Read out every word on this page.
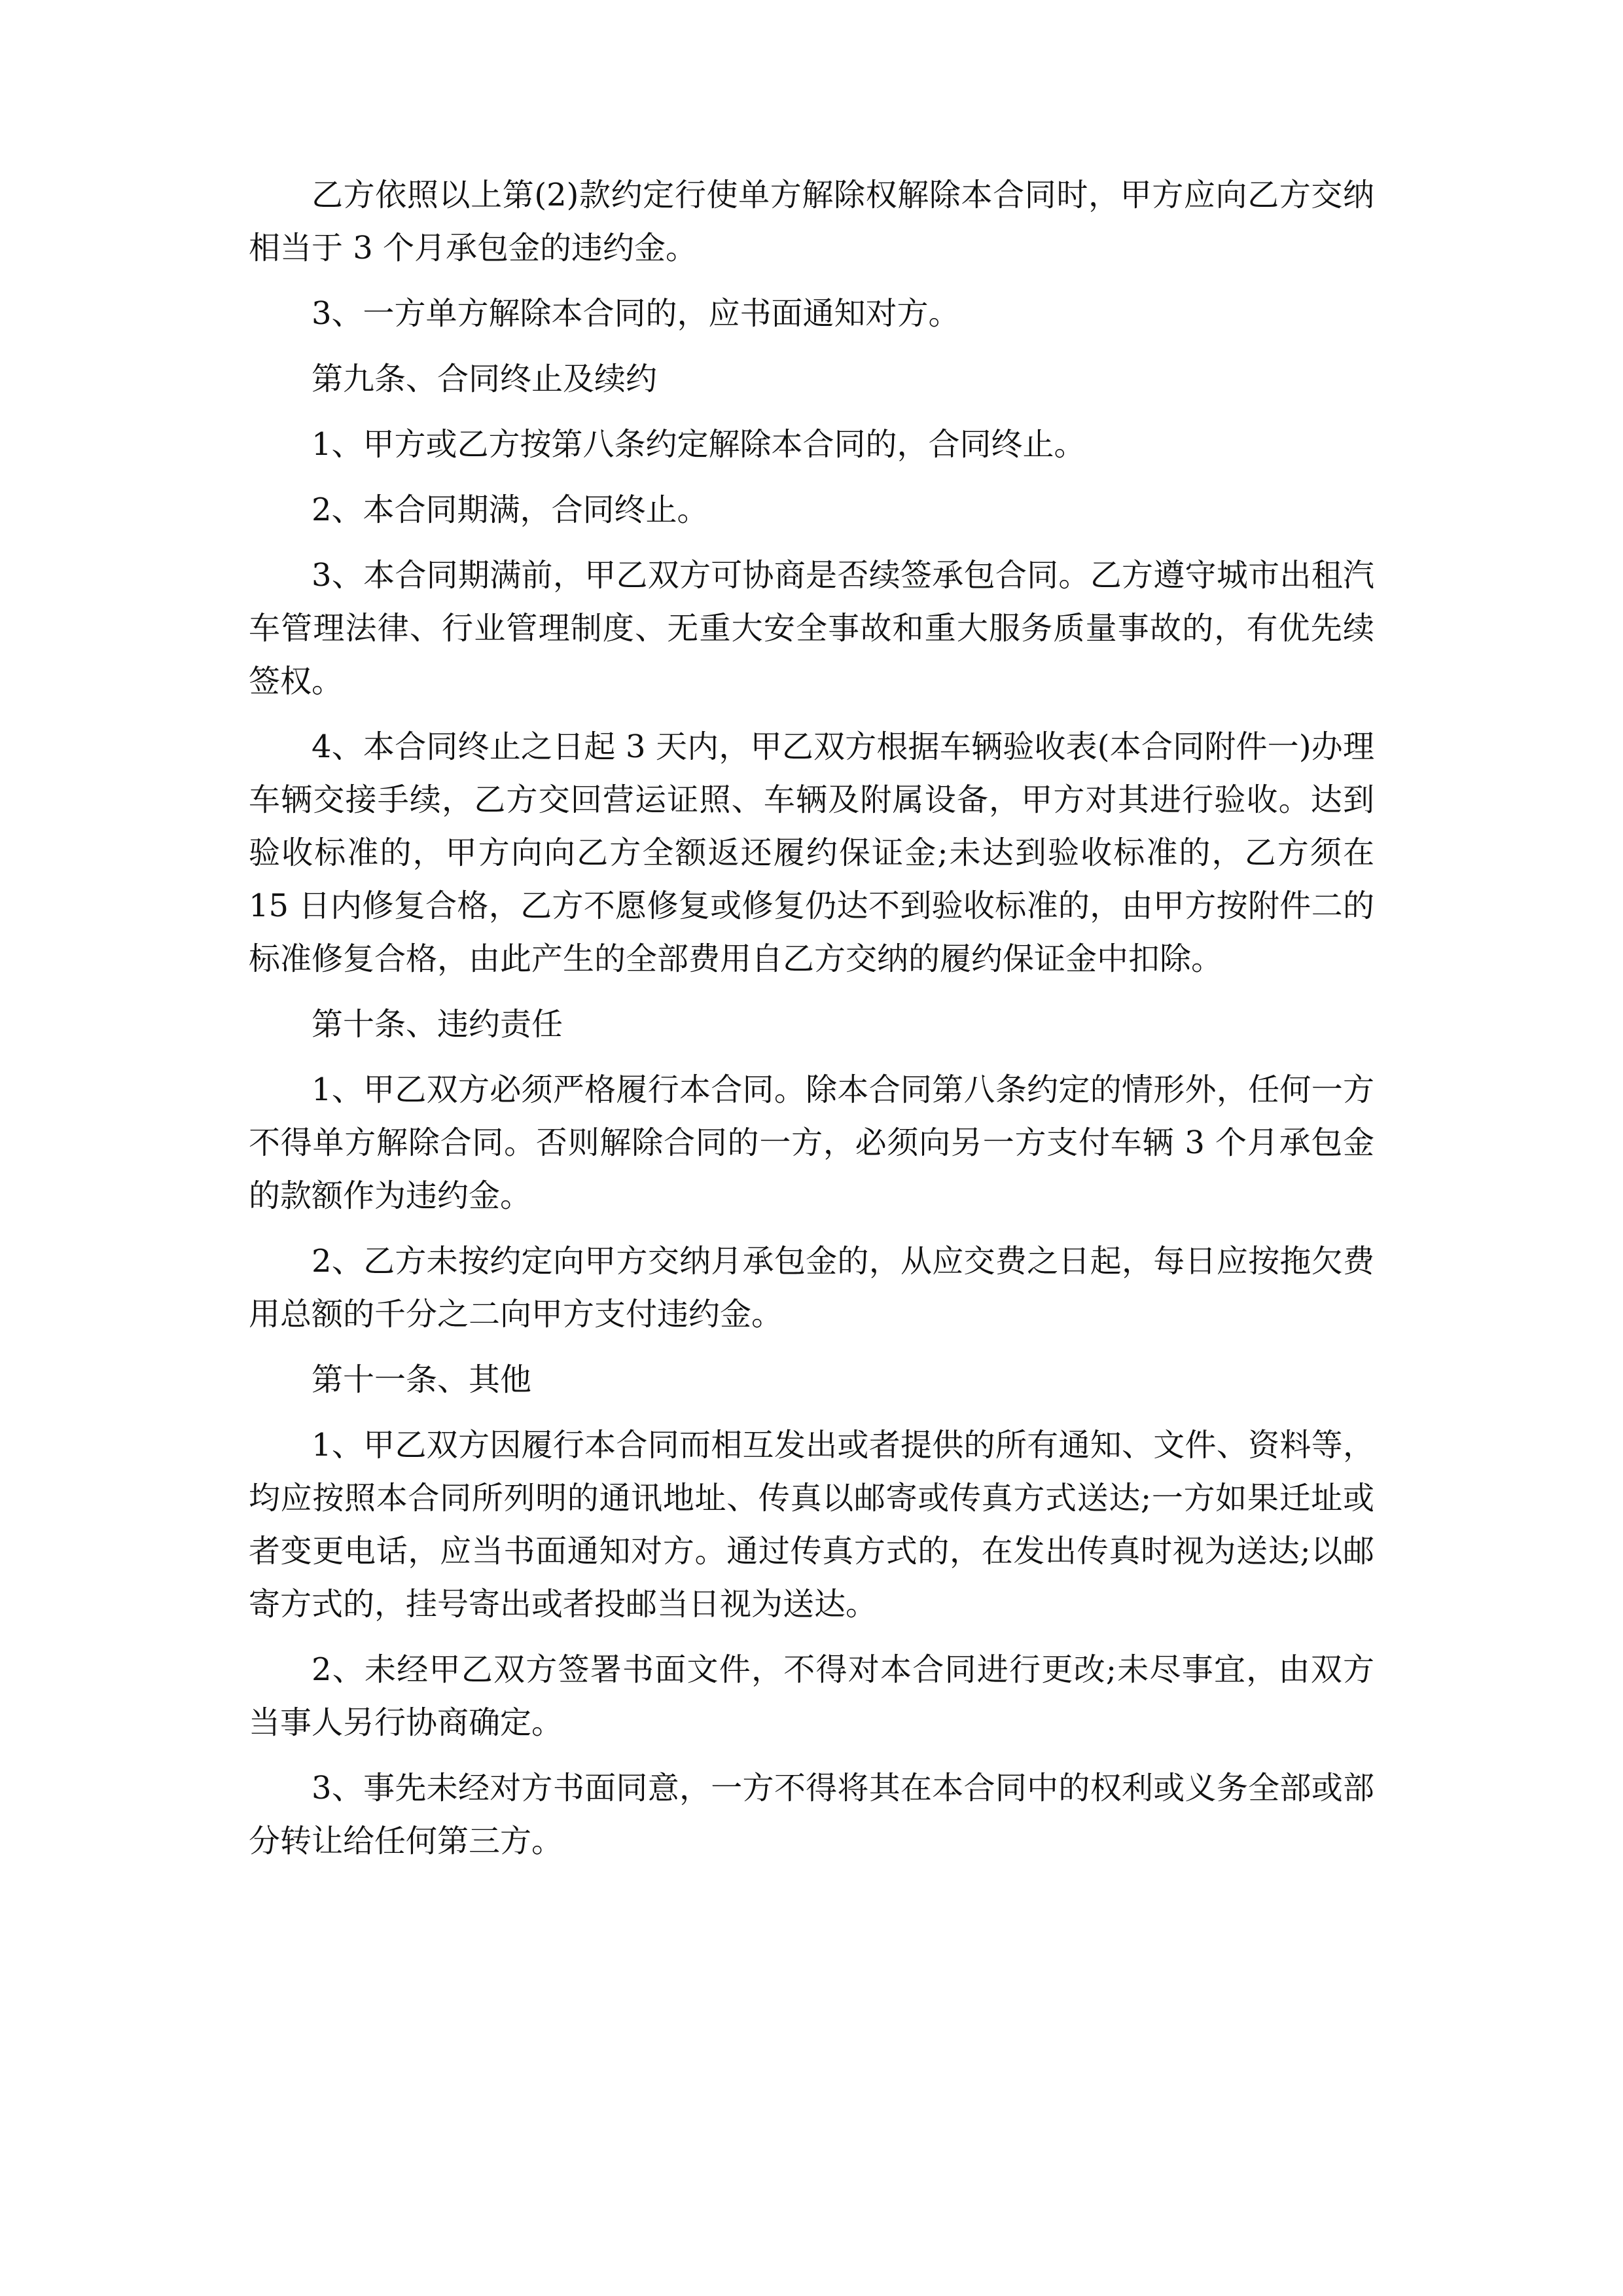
乙方依照以上第(2)款约定行使单方解除权解除本合同时，甲方应向乙方交纳相当于 3 个月承包金的违约金。

3、一方单方解除本合同的，应书面通知对方。

第九条、合同终止及续约

1、甲方或乙方按第八条约定解除本合同的，合同终止。

2、本合同期满，合同终止。

3、本合同期满前，甲乙双方可协商是否续签承包合同。乙方遵守城市出租汽车管理法律、行业管理制度、无重大安全事故和重大服务质量事故的，有优先续签权。

4、本合同终止之日起 3 天内，甲乙双方根据车辆验收表(本合同附件一)办理车辆交接手续，乙方交回营运证照、车辆及附属设备，甲方对其进行验收。达到验收标准的，甲方向向乙方全额返还履约保证金;未达到验收标准的，乙方须在 15 日内修复合格，乙方不愿修复或修复仍达不到验收标准的，由甲方按附件二的标准修复合格，由此产生的全部费用自乙方交纳的履约保证金中扣除。

第十条、违约责任

1、甲乙双方必须严格履行本合同。除本合同第八条约定的情形外，任何一方不得单方解除合同。否则解除合同的一方，必须向另一方支付车辆 3 个月承包金的款额作为违约金。

2、乙方未按约定向甲方交纳月承包金的，从应交费之日起，每日应按拖欠费用总额的千分之二向甲方支付违约金。

第十一条、其他

1、甲乙双方因履行本合同而相互发出或者提供的所有通知、文件、资料等，均应按照本合同所列明的通讯地址、传真以邮寄或传真方式送达;一方如果迁址或者变更电话，应当书面通知对方。通过传真方式的，在发出传真时视为送达;以邮寄方式的，挂号寄出或者投邮当日视为送达。

2、未经甲乙双方签署书面文件，不得对本合同进行更改;未尽事宜，由双方当事人另行协商确定。

3、事先未经对方书面同意，一方不得将其在本合同中的权利或义务全部或部分转让给任何第三方。
